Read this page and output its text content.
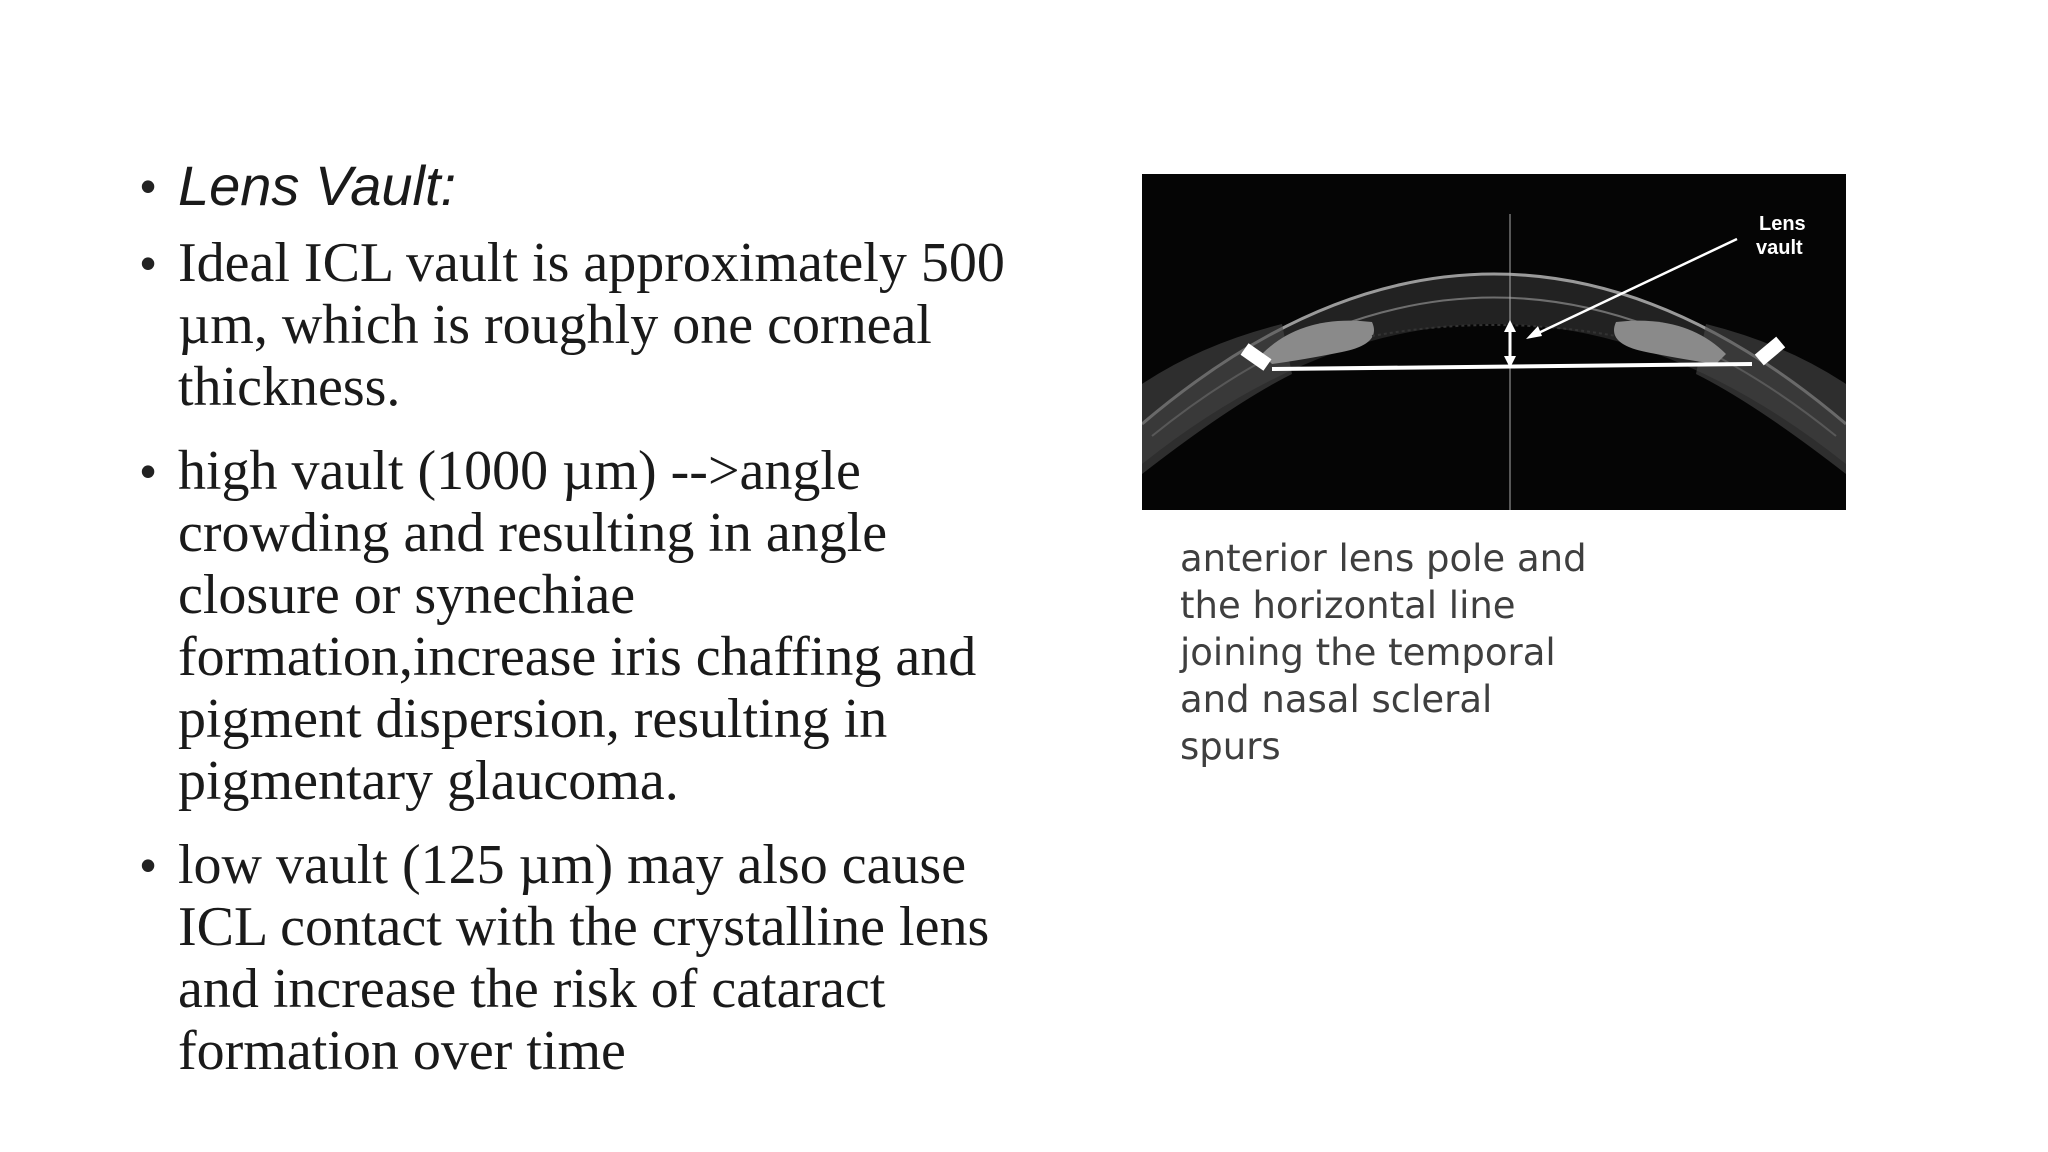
• Lens Vault:
• Ideal ICL vault is approximately 500 µm, which is roughly one corneal thickness.
• high vault (1000 µm) -->angle crowding and resulting in angle closure or synechiae formation,increase iris chaffing and pigment dispersion, resulting in pigmentary glaucoma.
• low vault (125 µm) may also cause ICL contact with the crystalline lens and increase the risk of cataract formation over time
Lens
vault
anterior lens pole and the horizontal line joining the temporal and nasal scleral spurs
